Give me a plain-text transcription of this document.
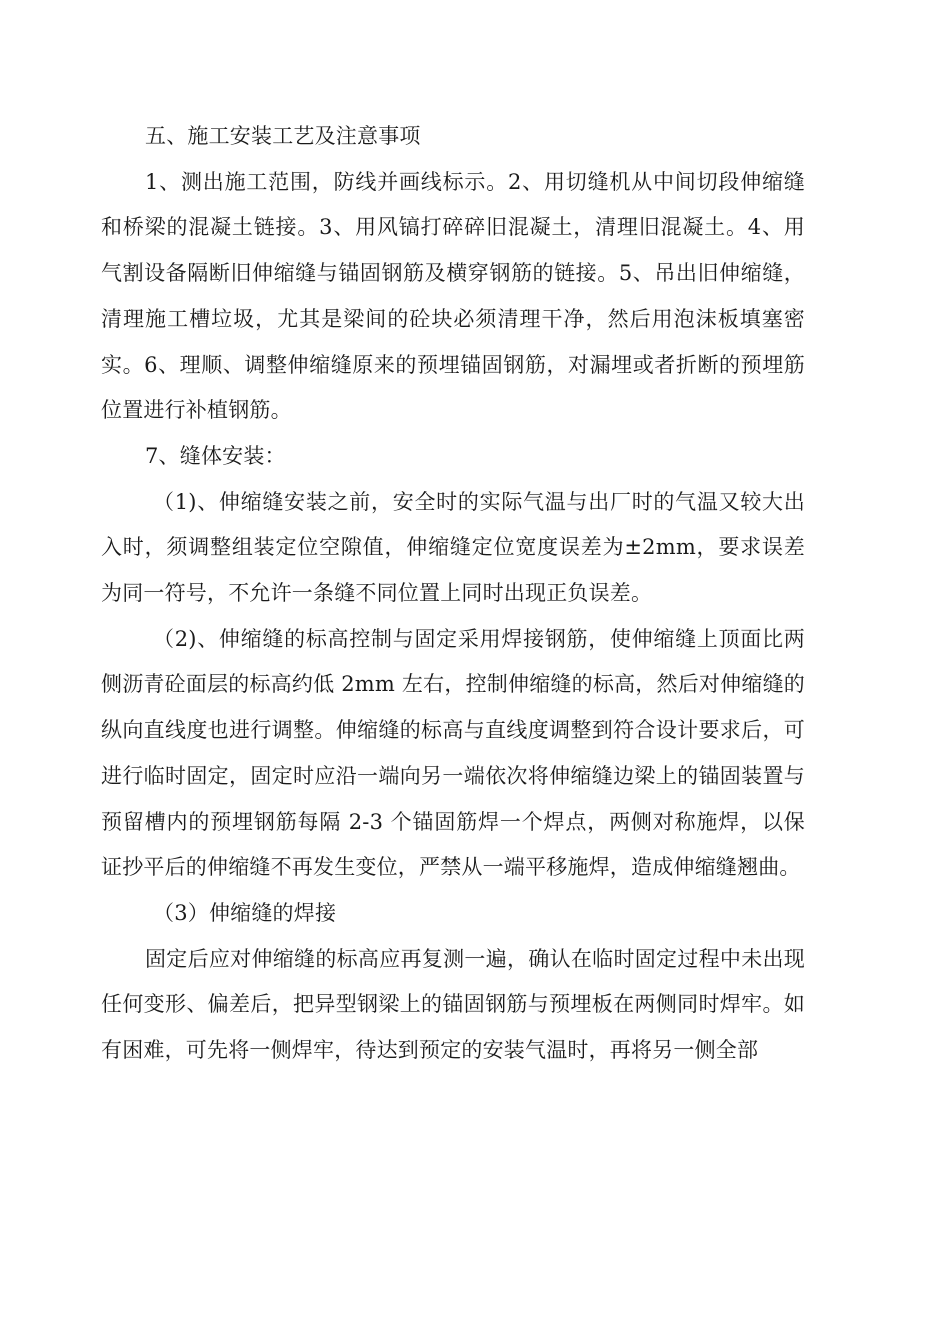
五、施工安装工艺及注意事项

1、测出施工范围，防线并画线标示。2、用切缝机从中间切段伸缩缝和桥梁的混凝土链接。3、用风镐打碎碎旧混凝土，清理旧混凝土。4、用气割设备隔断旧伸缩缝与锚固钢筋及横穿钢筋的链接。5、吊出旧伸缩缝，清理施工槽垃圾，尤其是梁间的砼块必须清理干净，然后用泡沫板填塞密实。6、理顺、调整伸缩缝原来的预埋锚固钢筋，对漏埋或者折断的预埋筋位置进行补植钢筋。

7、缝体安装：

（1)、伸缩缝安装之前，安全时的实际气温与出厂时的气温又较大出入时，须调整组装定位空隙值，伸缩缝定位宽度误差为±2mm，要求误差为同一符号，不允许一条缝不同位置上同时出现正负误差。

（2)、伸缩缝的标高控制与固定采用焊接钢筋，使伸缩缝上顶面比两侧沥青砼面层的标高约低 2mm 左右，控制伸缩缝的标高，然后对伸缩缝的纵向直线度也进行调整。伸缩缝的标高与直线度调整到符合设计要求后，可进行临时固定，固定时应沿一端向另一端依次将伸缩缝边梁上的锚固装置与预留槽内的预埋钢筋每隔 2-3 个锚固筋焊一个焊点，两侧对称施焊，以保证抄平后的伸缩缝不再发生变位，严禁从一端平移施焊，造成伸缩缝翘曲。

（3）伸缩缝的焊接

固定后应对伸缩缝的标高应再复测一遍，确认在临时固定过程中未出现任何变形、偏差后，把异型钢梁上的锚固钢筋与预埋板在两侧同时焊牢。如有困难，可先将一侧焊牢，待达到预定的安装气温时，再将另一侧全部
